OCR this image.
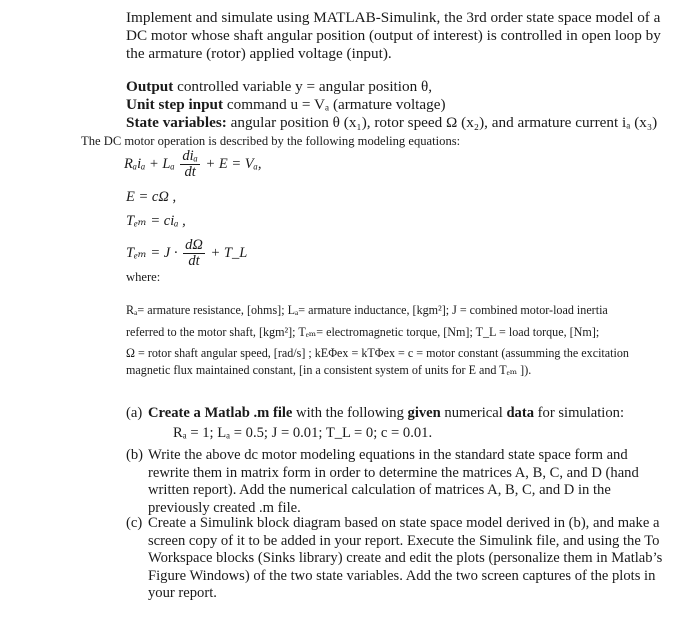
Implement and simulate using MATLAB-Simulink, the 3rd order state space model of a

DC motor whose shaft angular position (output of interest) is controlled in open loop by

the armature (rotor) applied voltage (input).

Output controlled variable y = angular position θ,

Unit step input command u = Vₐ (armature voltage)

State variables: angular position θ (x₁), rotor speed Ω (x₂), and armature current iₐ (x₃)

The DC motor operation is described by the following modeling equations:

Rₐiₐ + Lₐ $\frac{\text{diₐ}}{dt} + E = V_a$,
E = cΩ ,
Tₑₘ = ciₐ ,
$T_{em} = J \cdot \frac{d\Omega}{dt}$ + T_L

where:

Rₐ= armature resistance, [ohms]; Lₐ= armature inductance, [kgm²]; J = combined motor-load inertia

referred to the motor shaft, [kgm²]; Tₑₘ= electromagnetic torque, [Nm]; T_L = load torque, [Nm];

Ω = rotor shaft angular speed, [rad/s] ; kEΦex = kTΦex = c = motor constant (assumming the excitation

magnetic flux maintained constant, [in a consistent system of units for E and Tₑₘ ]).

(a) Create a Matlab .m file with the following given numerical data for simulation:
Rₐ = 1; Lₐ = 0.5; J = 0.01; T_L = 0; c = 0.01.
(b) Write the above dc motor modeling equations in the standard state space form and rewrite them in matrix form in order to determine the matrices A, B, C, and D (hand written report). Add the numerical calculation of matrices A, B, C, and D in the previously created .m file.
(c) Create a Simulink block diagram based on state space model derived in (b), and make a screen copy of it to be added in your report. Execute the Simulink file, and using the To Workspace blocks (Sinks library) create and edit the plots (personalize them in Matlab’s Figure Windows) of the two state variables. Add the two screen captures of the plots in your report.
